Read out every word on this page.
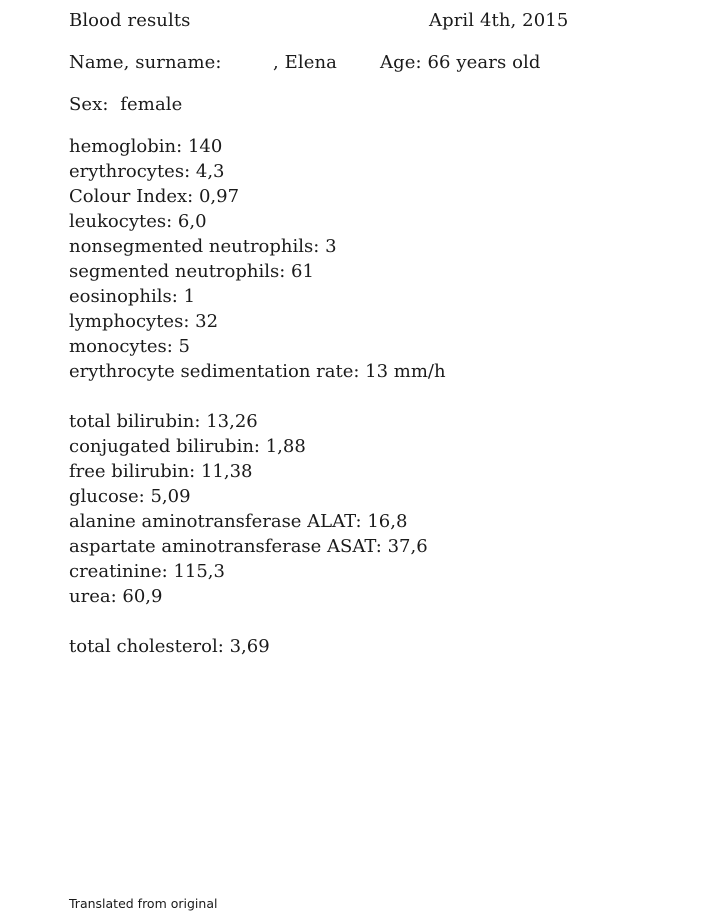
Blood results	April 4th, 2015
Name, surname:	, Elena Age: 66 years old
Sex: female
hemoglobin: 140
erythrocytes: 4,3
Colour Index: 0,97
leukocytes: 6,0
nonsegmented neutrophils: 3
segmented neutrophils: 61
eosinophils: 1
lymphocytes: 32
monocytes: 5
erythrocyte sedimentation rate: 13 mm/h
total bilirubin: 13,26
conjugated bilirubin: 1,88
free bilirubin: 11,38
glucose: 5,09
alanine aminotransferase ALAT: 16,8
aspartate aminotransferase ASAT: 37,6
creatinine: 115,3
urea: 60,9
total cholesterol: 3,69
Translated from original
